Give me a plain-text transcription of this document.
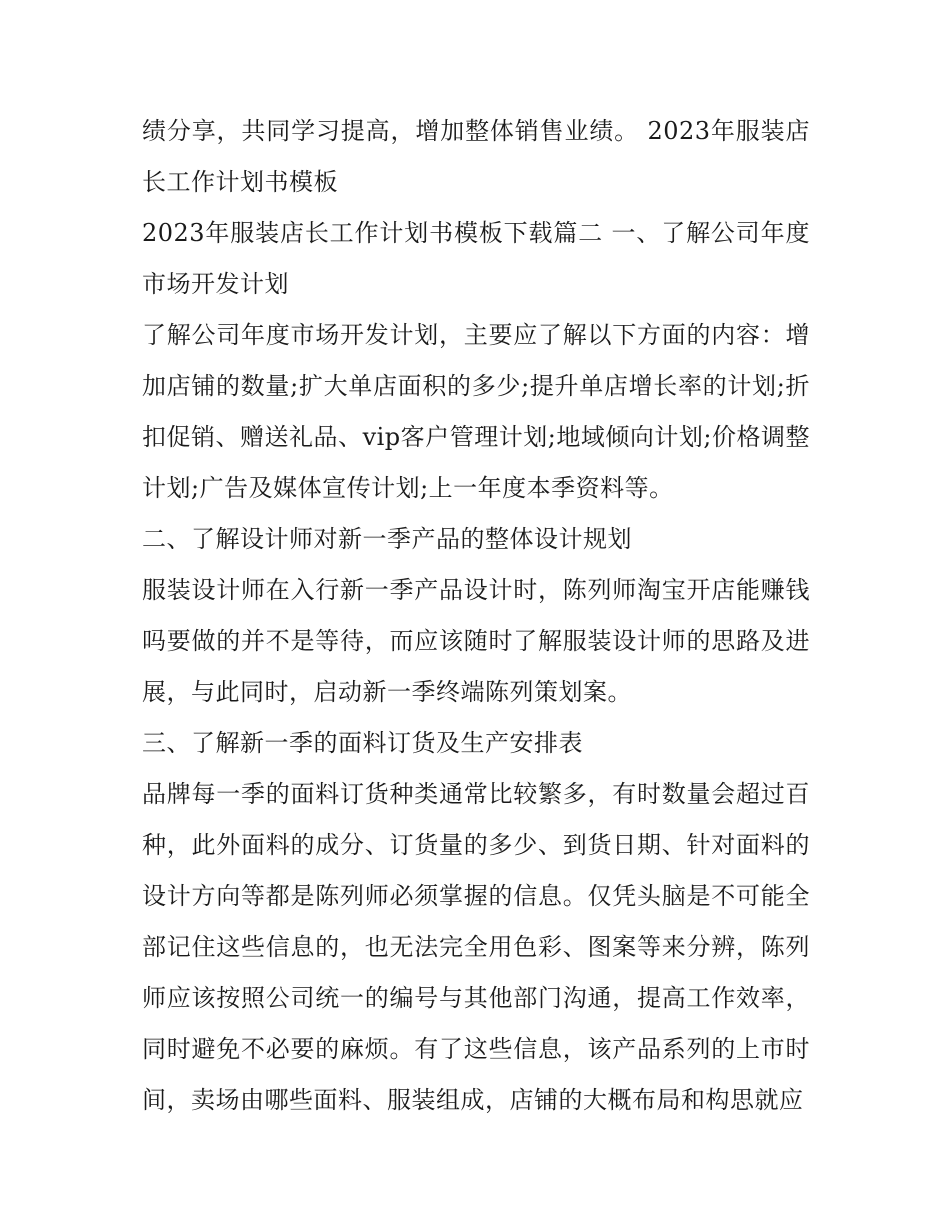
绩分享，共同学习提高，增加整体销售业绩。 2023年服装店长工作计划书模板

2023年服装店长工作计划书模板下载篇二 一、了解公司年度市场开发计划

了解公司年度市场开发计划，主要应了解以下方面的内容：增加店铺的数量;扩大单店面积的多少;提升单店增长率的计划;折扣促销、赠送礼品、vip客户管理计划;地域倾向计划;价格调整计划;广告及媒体宣传计划;上一年度本季资料等。

二、了解设计师对新一季产品的整体设计规划

服装设计师在入行新一季产品设计时，陈列师淘宝开店能赚钱吗要做的并不是等待，而应该随时了解服装设计师的思路及进展，与此同时，启动新一季终端陈列策划案。

三、了解新一季的面料订货及生产安排表

品牌每一季的面料订货种类通常比较繁多，有时数量会超过百种，此外面料的成分、订货量的多少、到货日期、针对面料的设计方向等都是陈列师必须掌握的信息。仅凭头脑是不可能全部记住这些信息的，也无法完全用色彩、图案等来分辨，陈列师应该按照公司统一的编号与其他部门沟通，提高工作效率，同时避免不必要的麻烦。有了这些信息，该产品系列的上市时间，卖场由哪些面料、服装组成，店铺的大概布局和构思就应
